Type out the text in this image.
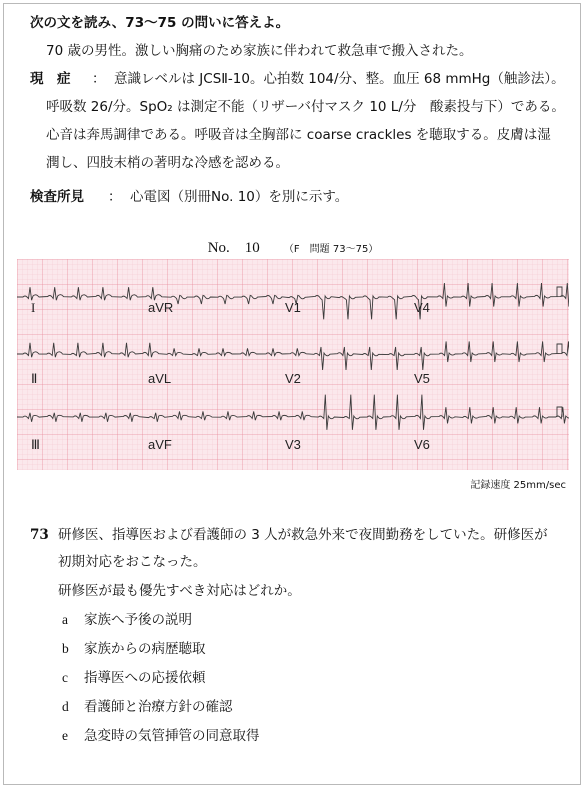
次の文を読み、73〜75 の問いに答えよ。
70 歳の男性。激しい胸痛のため家族に伴われて救急車で搬入された。
現　症 ： 意識レベルは JCSⅡ-10。心拍数 104/分、整。血圧 68 mmHg（触診法）。
呼吸数 26/分。SpO₂ は測定不能（リザーバ付マスク 10 L/分　酸素投与下）である。
心音は奔馬調律である。呼吸音は全胸部に coarse crackles を聴取する。皮膚は湿
潤し、四肢末梢の著明な冷感を認める。
検査所見 ： 心電図（別冊No. 10）を別に示す。
No.　10 （F　問題 73〜75）
I	aVR	V1	V4
Ⅱ	aVL	V2	V5
Ⅲ	aVF	V3	V6
記録速度 25mm/sec
73 研修医、指導医および看護師の 3 人が救急外来で夜間勤務をしていた。研修医が
初期対応をおこなった。
研修医が最も優先すべき対応はどれか。
a 家族へ予後の説明
b 家族からの病歴聴取
c 指導医への応援依頼
d 看護師と治療方針の確認
e 急変時の気管挿管の同意取得
